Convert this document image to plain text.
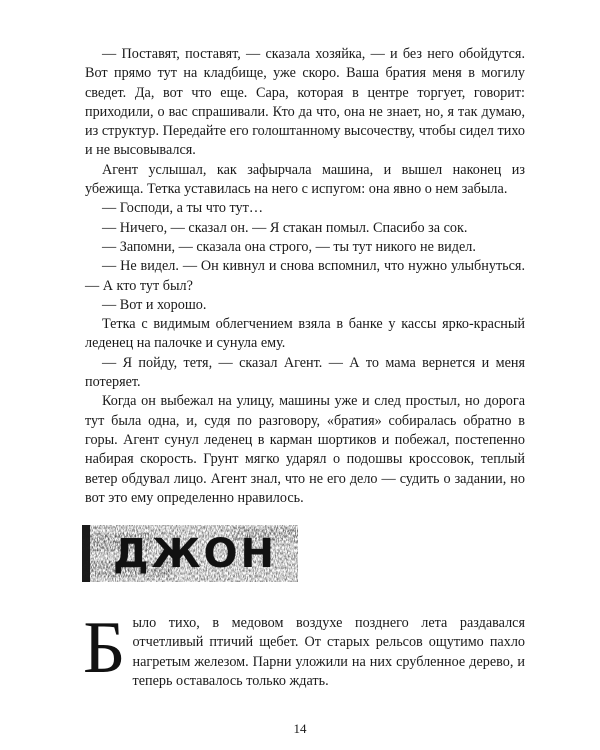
— Поставят, поставят, — сказала хозяйка, — и без него обойдутся. Вот прямо тут на кладбище, уже скоро. Ваша братия меня в могилу сведет. Да, вот что еще. Сара, которая в центре торгует, говорит: приходили, о вас спрашивали. Кто да что, она не знает, но, я так думаю, из структур. Передайте его голоштанному высочеству, чтобы сидел тихо и не высовывался.

Агент услышал, как зафырчала машина, и вышел наконец из убежища. Тетка уставилась на него с испугом: она явно о нем забыла.

— Господи, а ты что тут…

— Ничего, — сказал он. — Я стакан помыл. Спасибо за сок.

— Запомни, — сказала она строго, — ты тут никого не видел.

— Не видел. — Он кивнул и снова вспомнил, что нужно улыбнуться. — А кто тут был?

— Вот и хорошо.

Тетка с видимым облегчением взяла в банке у кассы ярко-красный леденец на палочке и сунула ему.

— Я пойду, тетя, — сказал Агент. — А то мама вернется и меня потеряет.

Когда он выбежал на улицу, машины уже и след простыл, но дорога тут была одна, и, судя по разговору, «братия» собиралась обратно в горы. Агент сунул леденец в карман шортиков и побежал, постепенно набирая скорость. Грунт мягко ударял о подошвы кроссовок, теплый ветер обдувал лицо. Агент знал, что не его дело — судить о задании, но вот это ему определенно нравилось.

ДЖОН
Было тихо, в медовом воздухе позднего лета раздавался отчетливый птичий щебет. От старых рельсов ощутимо пахло нагретым железом. Парни уложили на них срубленное дерево, и теперь оставалось только ждать.
14
